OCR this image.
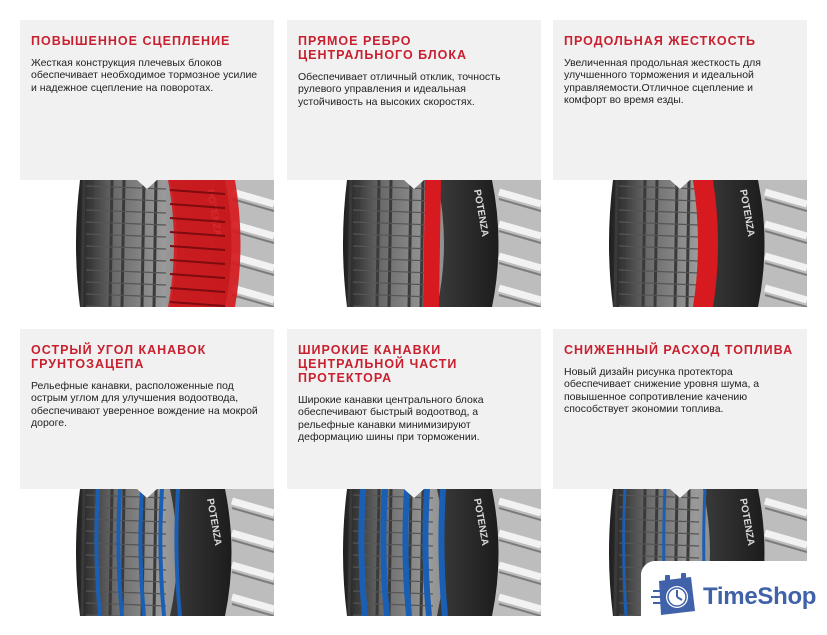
ПОВЫШЕННОЕ СЦЕПЛЕНИЕ

Жесткая конструкция плечевых блоков обеспечивает необходимое тормозное усилие и надежное сцепление на поворотах.

ПРЯМОЕ РЕБРО ЦЕНТРАЛЬНОГО БЛОКА

Обеспечивает отличный отклик, точность рулевого управления и идеальная устойчивость на высоких скоростях.

POTENZA
ПРОДОЛЬНАЯ ЖЕСТКОСТЬ

Увеличенная продольная жесткость для улучшенного торможения и идеальной управляемости.Отличное сцепление и комфорт во время езды.

POTENZA
ОСТРЫЙ УГОЛ КАНАВОК ГРУНТОЗАЦЕПА

Рельефные канавки, расположенные под острым углом для улучшения водоотвода, обеспечивают уверенное вождение на мокрой дороге.

POTENZA
ШИРОКИЕ КАНАВКИ ЦЕНТРАЛЬНОЙ ЧАСТИ ПРОТЕКТОРА

Широкие канавки центрального блока обеспечивают быстрый водоотвод, а рельефные канавки минимизируют деформацию шины при торможении.

POTENZA
СНИЖЕННЫЙ РАСХОД ТОПЛИВА

Новый дизайн рисунка протектора обеспечивает снижение уровня шума, а повышенное сопротивление качению способствует экономии топлива.

POTENZA
TimeShop
